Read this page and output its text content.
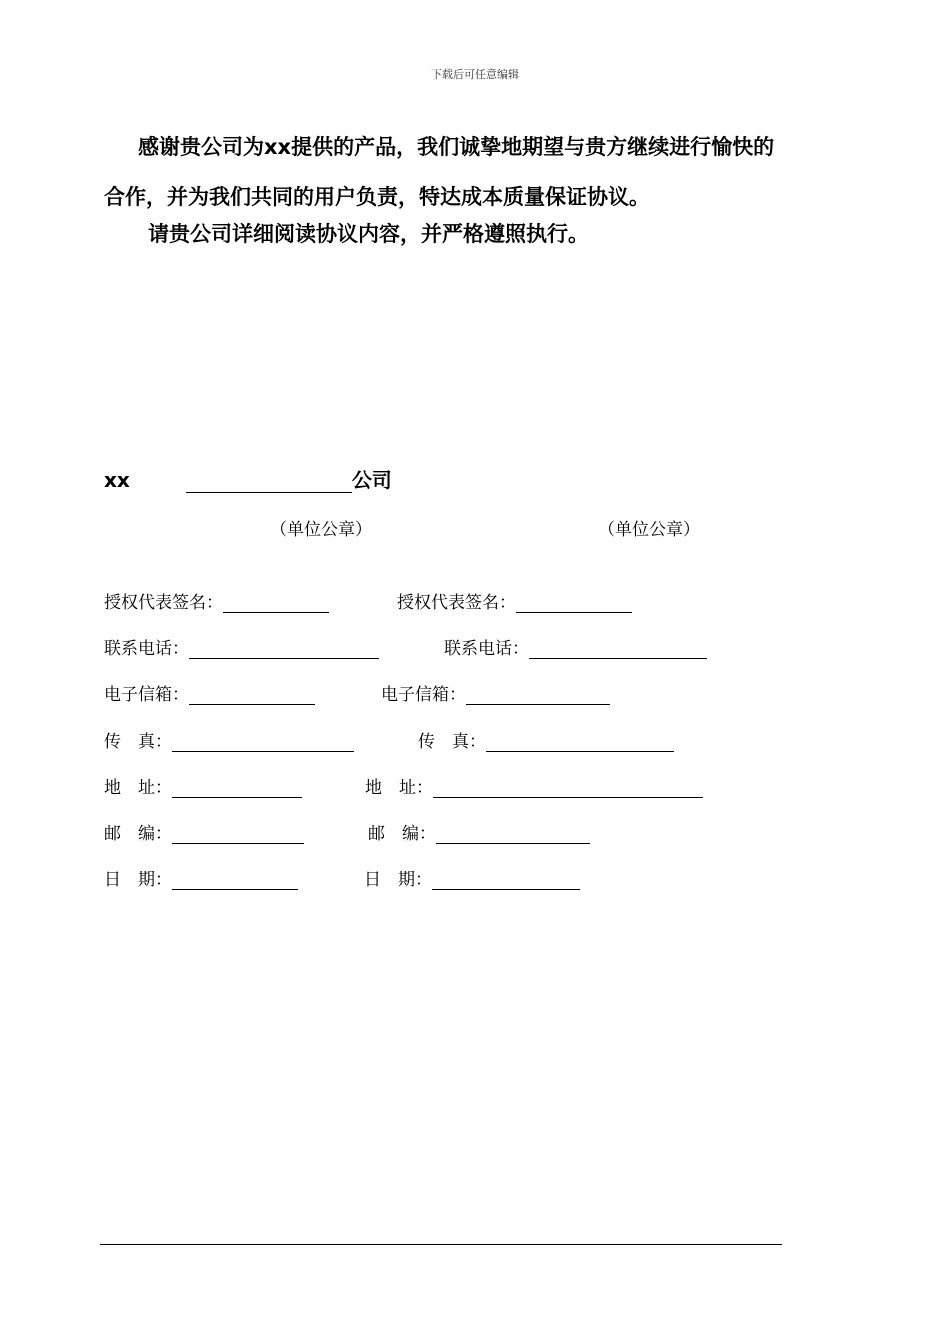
下载后可任意编辑
感谢贵公司为xx提供的产品，我们诚挚地期望与贵方继续进行愉快的
合作，并为我们共同的用户负责，特达成本质量保证协议。
请贵公司详细阅读协议内容，并严格遵照执行。
xx	公司
（单位公章）	（单位公章）
授权代表签名：
联系电话：
电子信箱：
传　真：
地　址：
邮　编：
日　期：
授权代表签名：
联系电话：
电子信箱：
传　真：
地　址：
邮　编：
日　期：
